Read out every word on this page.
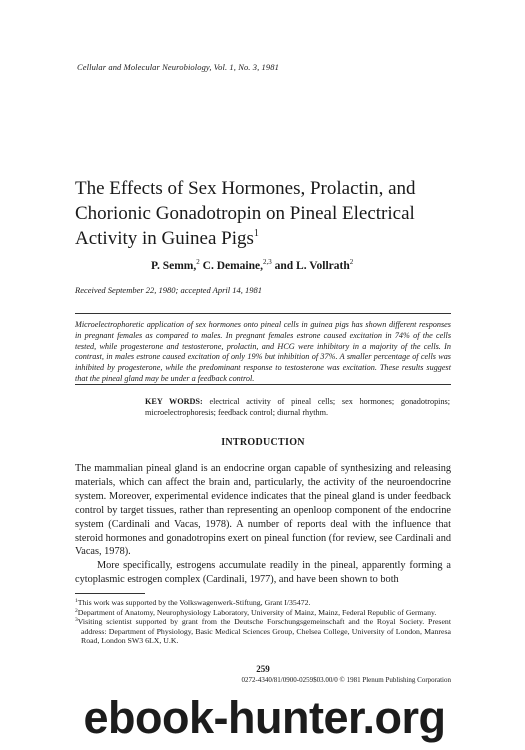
Cellular and Molecular Neurobiology, Vol. 1, No. 3, 1981
The Effects of Sex Hormones, Prolactin, and Chorionic Gonadotropin on Pineal Electrical Activity in Guinea Pigs$^1$
P. Semm,$^2$ C. Demaine,$^{2,3}$ and L. Vollrath$^2$
Received September 22, 1980; accepted April 14, 1981

Microelectrophoretic application of sex hormones onto pineal cells in guinea pigs has shown different responses in pregnant females as compared to males. In pregnant females estrone caused excitation in 74% of the cells tested, while progesterone and testosterone, prolactin, and HCG were inhibitory in a majority of the cells. In contrast, in males estrone caused excitation of only 19% but inhibition of 37%. A smaller percentage of cells was inhibited by progesterone, while the predominant response to testosterone was excitation. These results suggest that the pineal gland may be under a feedback control.

KEY WORDS: electrical activity of pineal cells; sex hormones; gonadotropins; microelectrophoresis; feedback control; diurnal rhythm.

INTRODUCTION

The mammalian pineal gland is an endocrine organ capable of synthesizing and releasing materials, which can affect the brain and, particularly, the activity of the neuroendocrine system. Moreover, experimental evidence indicates that the pineal gland is under feedback control by target tissues, rather than representing an openloop component of the endocrine system (Cardinali and Vacas, 1978). A number of reports deal with the influence that steroid hormones and gonadotropins exert on pineal function (for review, see Cardinali and Vacas, 1978).

More specifically, estrogens accumulate readily in the pineal, apparently forming a cytoplasmic estrogen complex (Cardinali, 1977), and have been shown to both

$^1$This work was supported by the Volkswagenwerk-Stiftung, Grant I/35472.

$^2$Department of Anatomy, Neurophysiology Laboratory, University of Mainz, Mainz, Federal Republic of Germany.

$^3$Visiting scientist supported by grant from the Deutsche Forschungsgemeinschaft and the Royal Society. Present address: Department of Physiology, Basic Medical Sciences Group, Chelsea College, University of London, Manresa Road, London SW3 6LX, U.K.

259
0272-4340/81/0900-0259$03.00/0 © 1981 Plenum Publishing Corporation
ebook-hunter.org
